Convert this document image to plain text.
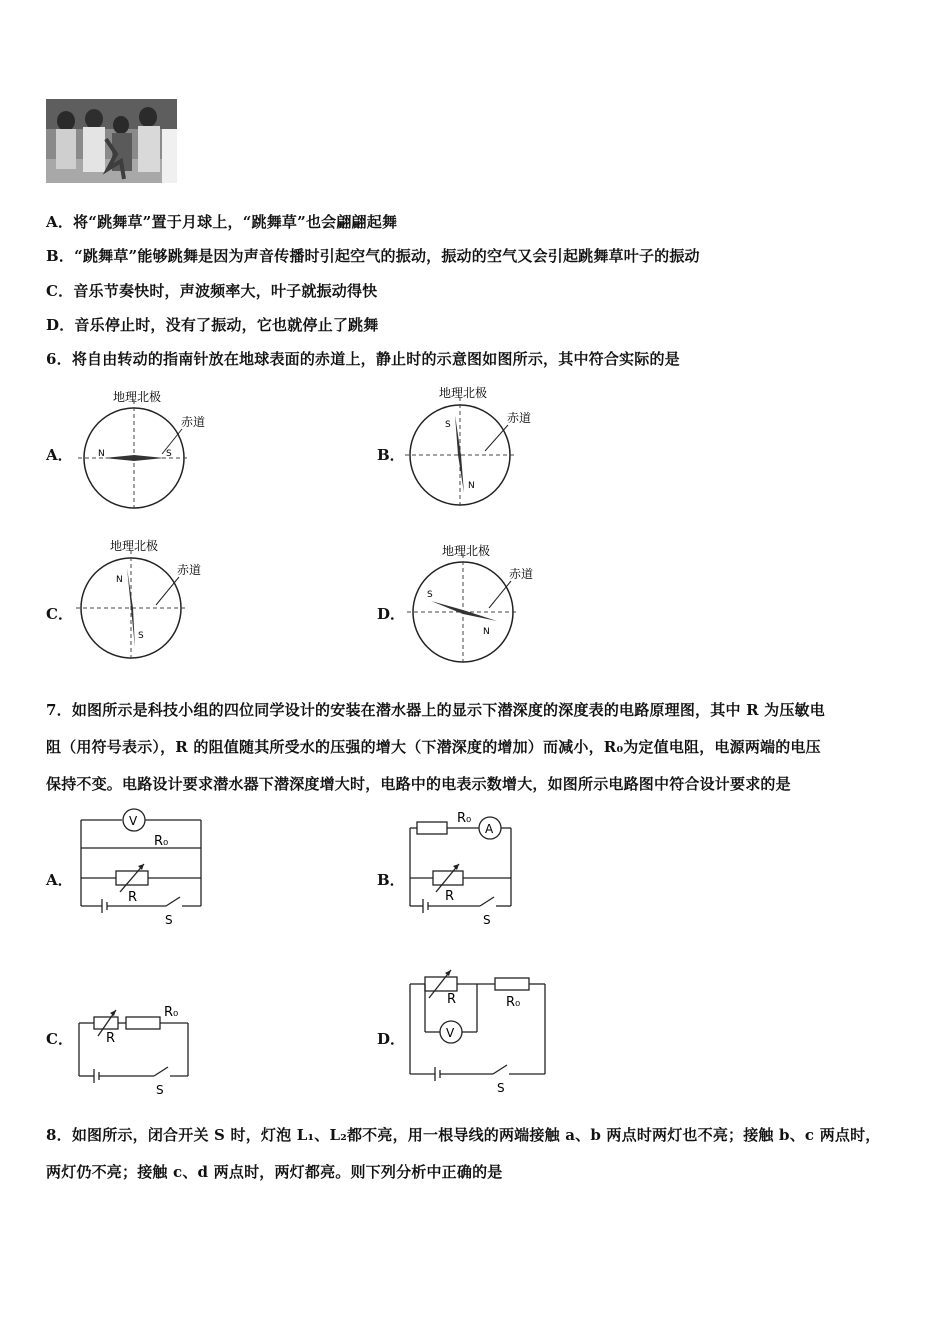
A．将“跳舞草”置于月球上，“跳舞草”也会翩翩起舞
B．“跳舞草”能够跳舞是因为声音传播时引起空气的振动，振动的空气又会引起跳舞草叶子的振动
C．音乐节奏快时，声波频率大，叶子就振动得快
D．音乐停止时，没有了振动，它也就停止了跳舞
6．将自由转动的指南针放在地球表面的赤道上，静止时的示意图如图所示，其中符合实际的是
A．	B．
C．	D．
地理北极
赤道
N	S
地理北极
赤道
S
N
地理北极
赤道
N
S
地理北极
赤道
S
N
7．如图所示是科技小组的四位同学设计的安装在潜水器上的显示下潜深度的深度表的电路原理图，其中 R 为压敏电
阻（用符号表示），R 的阻值随其所受水的压强的增大（下潜深度的增加）而减小，R₀为定值电阻，电源两端的电压
保持不变。电路设计要求潜水器下潜深度增大时，电路中的电表示数增大，如图所示电路图中符合设计要求的是
A．	B．
C．	D．
V
R₀
R
S
R₀
A
R
S
R₀
R
S
R	R₀
V
S
8．如图所示，闭合开关 S 时，灯泡 L₁、L₂都不亮，用一根导线的两端接触 a、b 两点时两灯也不亮；接触 b、c 两点时，
两灯仍不亮；接触 c、d 两点时，两灯都亮。则下列分析中正确的是
